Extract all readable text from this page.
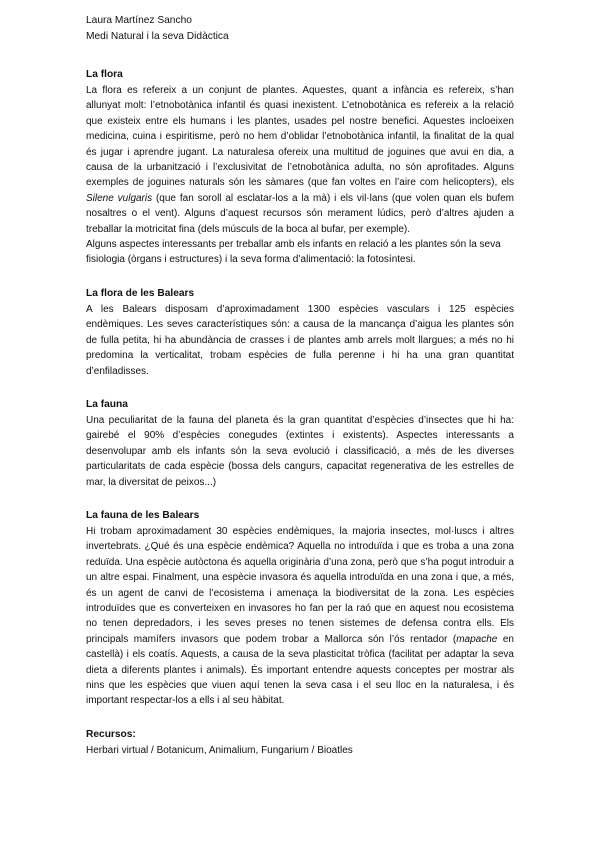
Laura Martínez Sancho

Medi Natural i la seva Didàctica

La flora

La flora es refereix a un conjunt de plantes. Aquestes, quant a infància es refereix, s’han allunyat molt: l’etnobotànica infantil és quasi inexistent. L’etnobotànica es refereix a la relació que existeix entre els humans i les plantes, usades pel nostre benefici. Aquestes incloeixen medicina, cuina i espiritisme, però no hem d’oblidar l’etnobotànica infantil, la finalitat de la qual és jugar i aprendre jugant. La naturalesa ofereix una multitud de joguines que avui en dia, a causa de la urbanització i l’exclusivitat de l’etnobotànica adulta, no són aprofitades. Alguns exemples de joguines naturals són les sàmares (que fan voltes en l’aire com helicopters), els Silene vulgaris (que fan soroll al esclatar-los a la mà) i els vil·lans (que volen quan els bufem nosaltres o el vent). Alguns d’aquest recursos són merament lúdics, però d’altres ajuden a treballar la motricitat fina (dels músculs de la boca al bufar, per exemple).

Alguns aspectes interessants per treballar amb els infants en relació a les plantes són la seva fisiologia (òrgans i estructures) i la seva forma d’alimentació: la fotosíntesi.

La flora de les Balears

A les Balears disposam d’aproximadament 1300 espècies vasculars i 125 espècies endèmiques. Les seves característiques són: a causa de la mancança d’aigua les plantes són de fulla petita, hi ha abundància de crasses i de plantes amb arrels molt llargues; a més no hi predomina la verticalitat, trobam espècies de fulla perenne i hi ha una gran quantitat d’enfiladisses.

La fauna

Una peculiaritat de la fauna del planeta és la gran quantitat d’espècies d’insectes que hi ha: gairebé el 90% d’espècies conegudes (extintes i existents). Aspectes interessants a desenvolupar amb els infants són la seva evolució i classificació, a més de les diverses particularitats de cada espècie (bossa dels cangurs, capacitat regenerativa de les estrelles de mar, la diversitat de peixos...)

La fauna de les Balears

Hi trobam aproximadament 30 espècies endèmiques, la majoria insectes, mol·luscs i altres invertebrats. ¿Qué és una espècie endèmica? Aquella no introduïda i que es troba a una zona reduïda. Una espècie autòctona és aquella originària d’una zona, però que s’ha pogut introduir a un altre espai. Finalment, una espècie invasora és aquella introduïda en una zona i que, a més, és un agent de canvi de l’ecosistema i amenaça la biodiversitat de la zona. Les espècies introduïdes que es converteixen en invasores ho fan per la raó que en aquest nou ecosistema no tenen depredadors, i les seves preses no tenen sistemes de defensa contra ells. Els principals mamífers invasors que podem trobar a Mallorca són l’ós rentador (mapache en castellà) i els coatís. Aquests, a causa de la seva plasticitat tròfica (facilitat per adaptar la seva dieta a diferents plantes i animals). És important entendre aquests conceptes per mostrar als nins que les espècies que viuen aquí tenen la seva casa i el seu lloc en la naturalesa, i és important respectar-los a ells i al seu hàbitat.

Recursos:

Herbari virtual / Botanicum, Animalium, Fungarium / Bioatles
